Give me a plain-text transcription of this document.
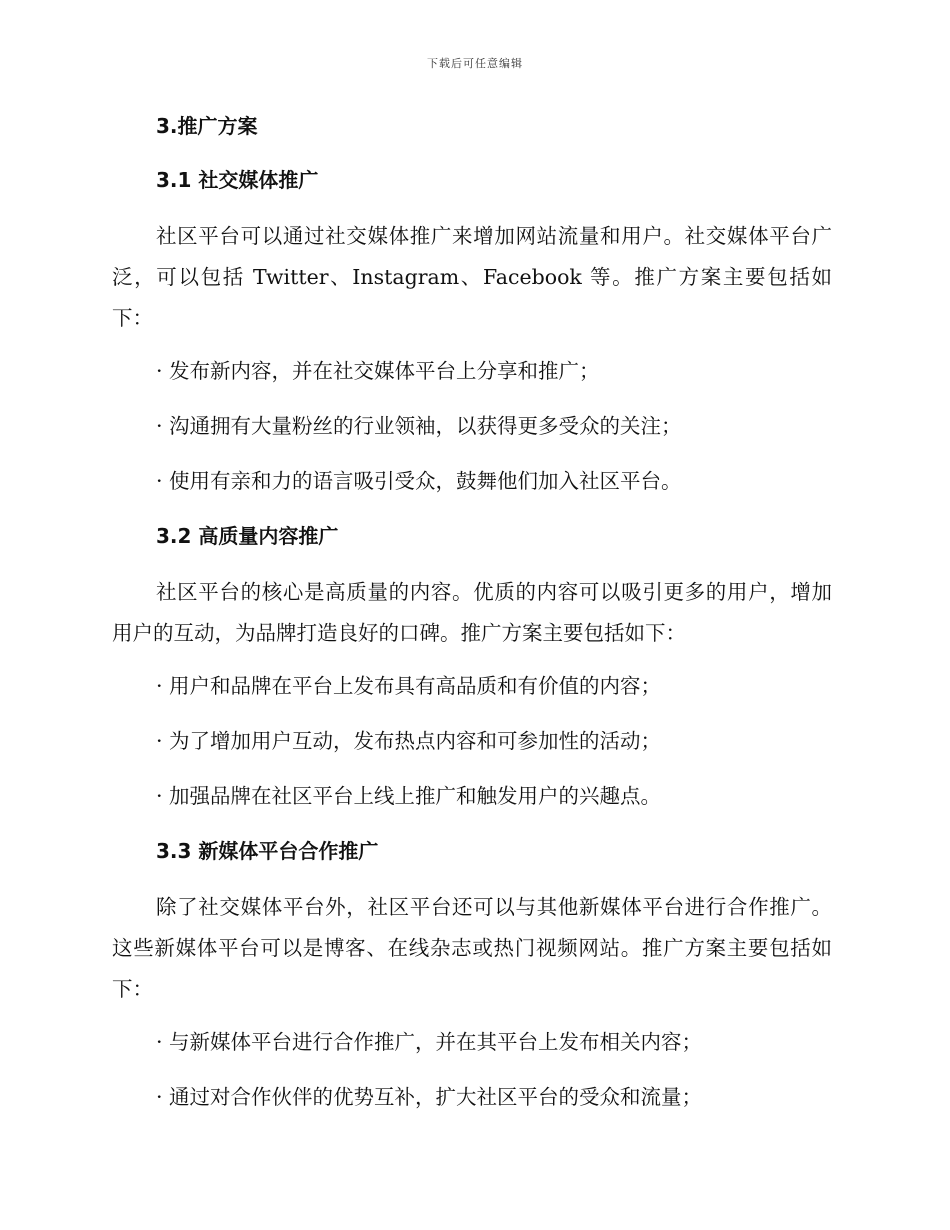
下载后可任意编辑
3.推广方案
3.1 社交媒体推广

社区平台可以通过社交媒体推广来增加网站流量和用户。社交媒体平台广泛，可以包括 Twitter、Instagram、Facebook 等。推广方案主要包括如下：

· 发布新内容，并在社交媒体平台上分享和推广；
· 沟通拥有大量粉丝的行业领袖，以获得更多受众的关注；
· 使用有亲和力的语言吸引受众，鼓舞他们加入社区平台。
3.2 高质量内容推广

社区平台的核心是高质量的内容。优质的内容可以吸引更多的用户，增加用户的互动，为品牌打造良好的口碑。推广方案主要包括如下：

· 用户和品牌在平台上发布具有高品质和有价值的内容；
· 为了增加用户互动，发布热点内容和可参加性的活动；
· 加强品牌在社区平台上线上推广和触发用户的兴趣点。
3.3 新媒体平台合作推广

除了社交媒体平台外，社区平台还可以与其他新媒体平台进行合作推广。这些新媒体平台可以是博客、在线杂志或热门视频网站。推广方案主要包括如下：

· 与新媒体平台进行合作推广，并在其平台上发布相关内容；
· 通过对合作伙伴的优势互补，扩大社区平台的受众和流量；
